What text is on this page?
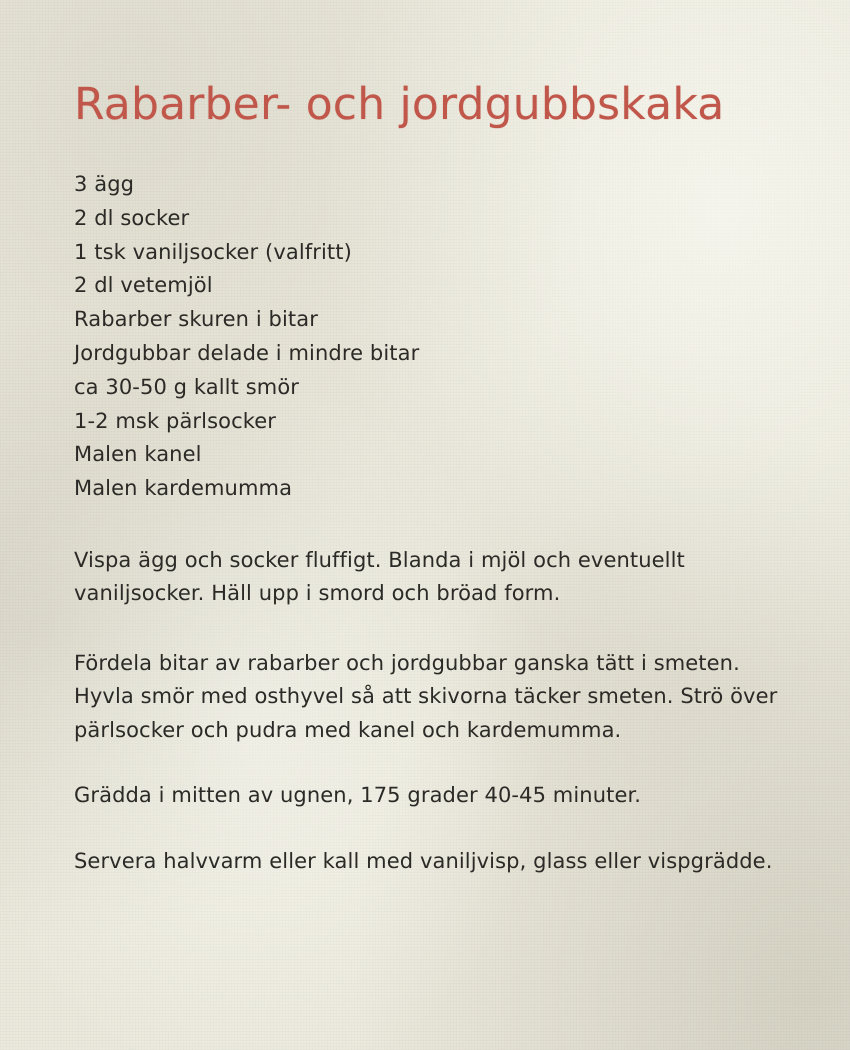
Rabarber- och jordgubbskaka
3 ägg
2 dl socker
1 tsk vaniljsocker (valfritt)
2 dl vetemjöl
Rabarber skuren i bitar
Jordgubbar delade i mindre bitar
ca 30-50 g kallt smör
1-2 msk pärlsocker
Malen kanel
Malen kardemumma

Vispa ägg och socker fluffigt. Blanda i mjöl och eventuellt vaniljsocker. Häll upp i smord och bröad form.

Fördela bitar av rabarber och jordgubbar ganska tätt i smeten. Hyvla smör med osthyvel så att skivorna täcker smeten. Strö över pärlsocker och pudra med kanel och kardemumma.

Grädda i mitten av ugnen, 175 grader 40-45 minuter.

Servera halvvarm eller kall med vaniljvisp, glass eller vispgrädde.
